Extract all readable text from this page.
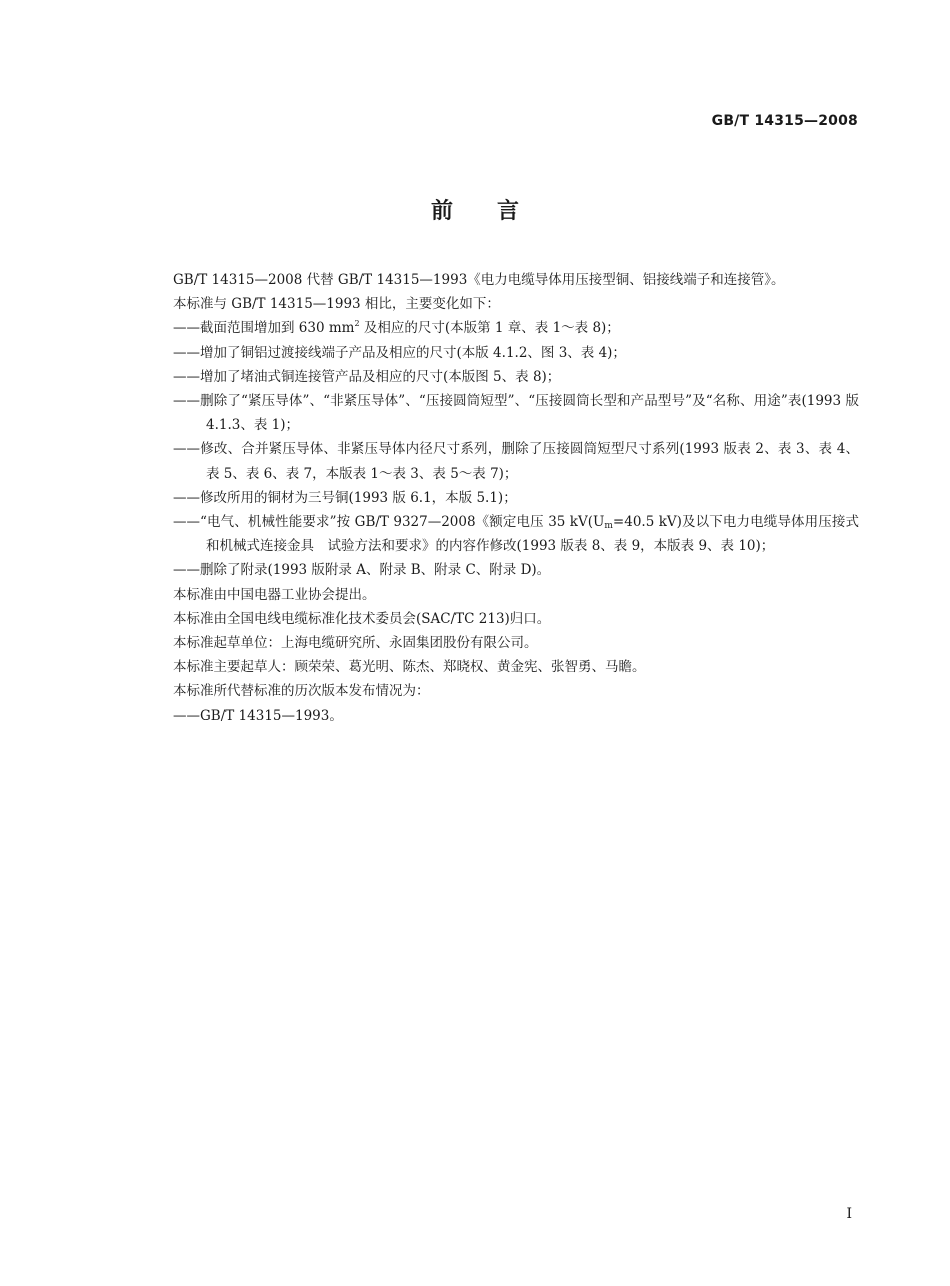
GB/T 14315—2008
前言

GB/T 14315—2008 代替 GB/T 14315—1993《电力电缆导体用压接型铜、铝接线端子和连接管》。

本标准与 GB/T 14315—1993 相比，主要变化如下：

——截面范围增加到 630 $mm^2$ 及相应的尺寸(本版第 1 章、表 1～表 8)；

——增加了铜铝过渡接线端子产品及相应的尺寸(本版 4.1.2、图 3、表 4)；

——增加了堵油式铜连接管产品及相应的尺寸(本版图 5、表 8)；

——删除了“紧压导体”、“非紧压导体”、“压接圆筒短型”、“压接圆筒长型和产品型号”及“名称、用途”表(1993 版 4.1.3、表 1)；

——修改、合并紧压导体、非紧压导体内径尺寸系列，删除了压接圆筒短型尺寸系列(1993 版表 2、表 3、表 4、表 5、表 6、表 7，本版表 1～表 3、表 5～表 7)；

——修改所用的铜材为三号铜(1993 版 6.1，本版 5.1)；

——“电气、机械性能要求”按 GB/T 9327—2008《额定电压 35 $kV(U_m=40.5$ kV)及以下电力电缆导体用压接式和机械式连接金具　试验方法和要求》的内容作修改(1993 版表 8、表 9，本版表 9、表 10)；

——删除了附录(1993 版附录 A、附录 B、附录 C、附录 D)。

本标准由中国电器工业协会提出。

本标准由全国电线电缆标准化技术委员会(SAC/TC 213)归口。

本标准起草单位：上海电缆研究所、永固集团股份有限公司。

本标准主要起草人：顾荣荣、葛光明、陈杰、郑晓权、黄金宪、张智勇、马瞻。

本标准所代替标准的历次版本发布情况为：

——GB/T 14315—1993。

I
